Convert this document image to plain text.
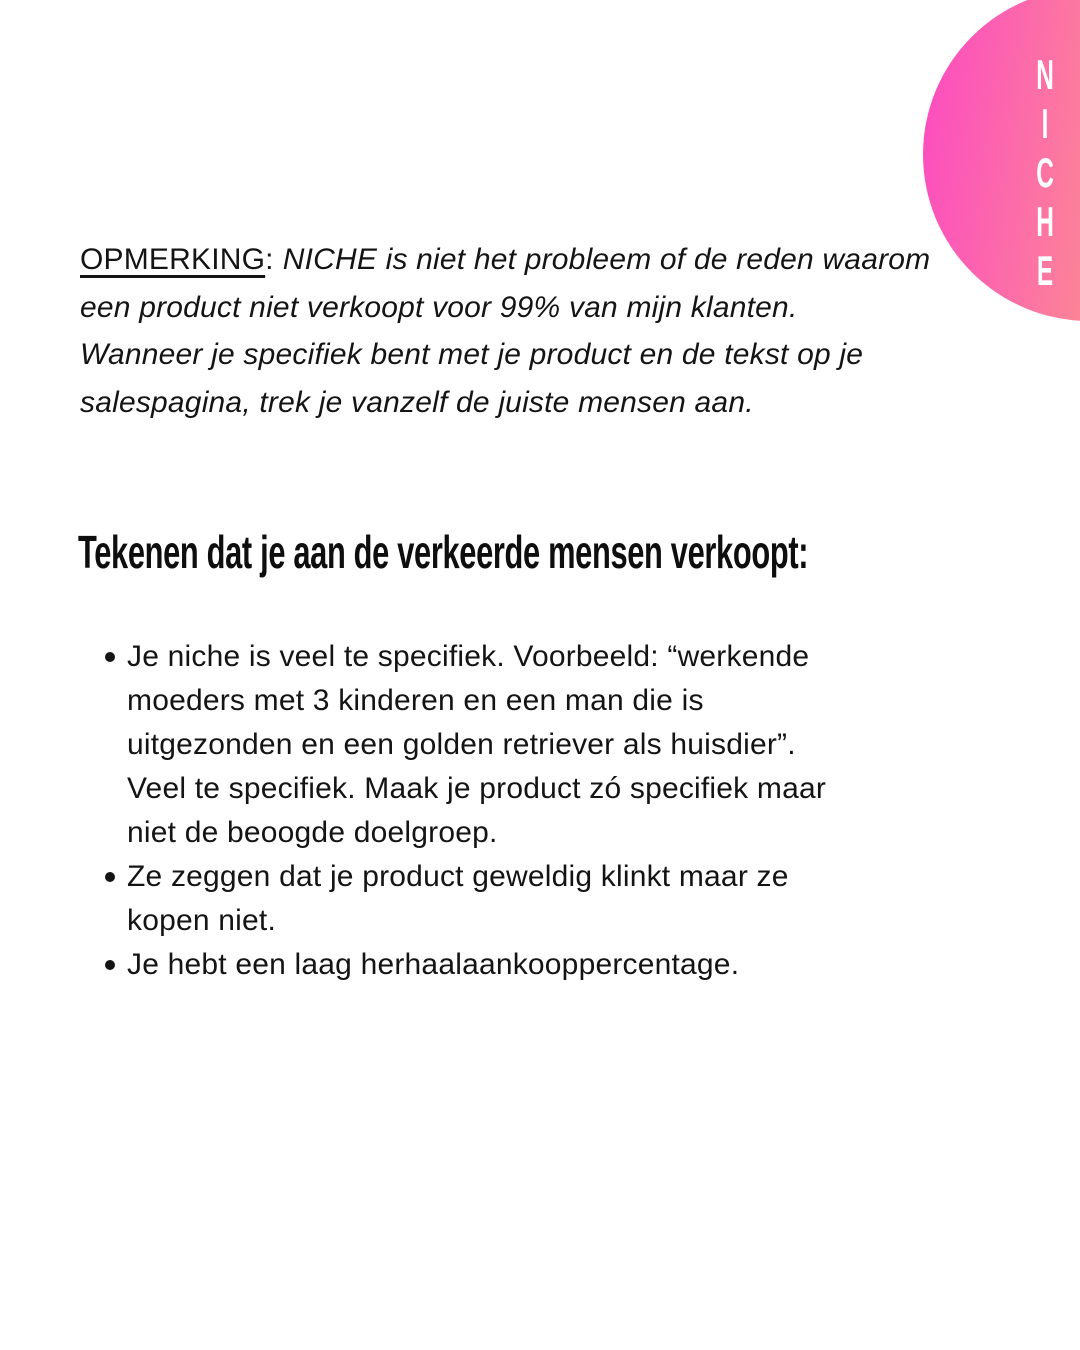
N
I
C
H
E

OPMERKING: NICHE is niet het probleem of de reden waarom
een product niet verkoopt voor 99% van mijn klanten.
Wanneer je specifiek bent met je product en de tekst op je
salespagina, trek je vanzelf de juiste mensen aan.

Tekenen dat je aan de verkeerde mensen verkoopt:
Je niche is veel te specifiek. Voorbeeld: “werkende
moeders met 3 kinderen en een man die is
uitgezonden en een golden retriever als huisdier”.
Veel te specifiek. Maak je product zó specifiek maar
niet de beoogde doelgroep.
Ze zeggen dat je product geweldig klinkt maar ze
kopen niet.
Je hebt een laag herhaalaankooppercentage.
